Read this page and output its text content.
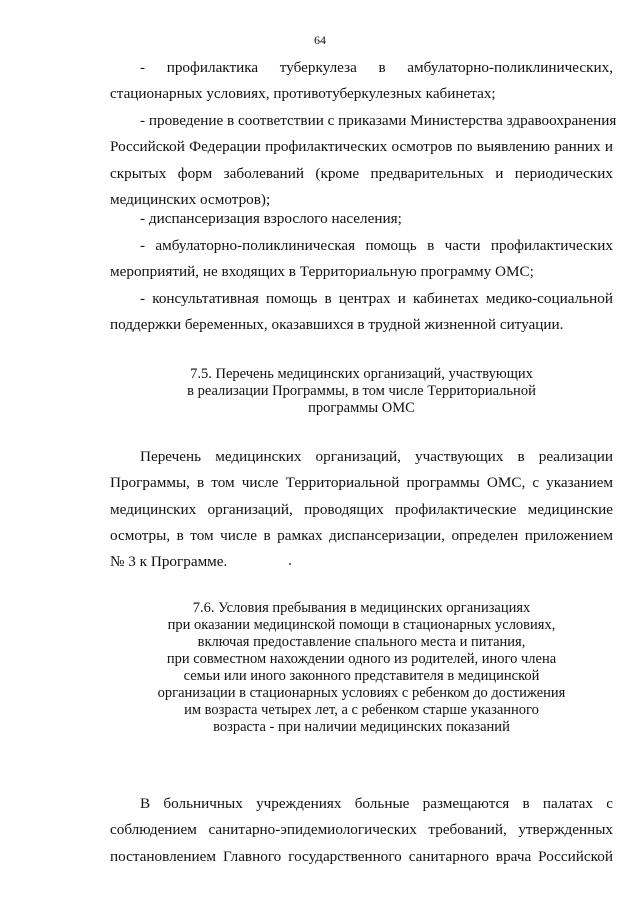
64

- профилактика туберкулеза в амбулаторно-поликлинических,
стационарных условиях, противотуберкулезных кабинетах;

- проведение в соответствии с приказами Министерства здравоохранения
Российской Федерации профилактических осмотров по выявлению ранних и
скрытых форм заболеваний (кроме предварительных и периодических
медицинских осмотров);

- диспансеризация взрослого населения;

- амбулаторно-поликлиническая помощь в части профилактических
мероприятий, не входящих в Территориальную программу ОМС;

- консультативная помощь в центрах и кабинетах медико-социальной
поддержки беременных, оказавшихся в трудной жизненной ситуации.

7.5. Перечень медицинских организаций, участвующих
в реализации Программы, в том числе Территориальной
программы ОМС

Перечень медицинских организаций, участвующих в реализации
Программы, в том числе Территориальной программы ОМС, с указанием
медицинских организаций, проводящих профилактические медицинские
осмотры, в том числе в рамках диспансеризации, определен приложением
№ 3 к Программе.

7.6. Условия пребывания в медицинских организациях
при оказании медицинской помощи в стационарных условиях,
включая предоставление спального места и питания,
при совместном нахождении одного из родителей, иного члена
семьи или иного законного представителя в медицинской
организации в стационарных условиях с ребенком до достижения
им возраста четырех лет, а с ребенком старше указанного
возраста - при наличии медицинских показаний

В больничных учреждениях больные размещаются в палатах с
соблюдением санитарно-эпидемиологических требований, утвержденных
постановлением Главного государственного санитарного врача Российской
